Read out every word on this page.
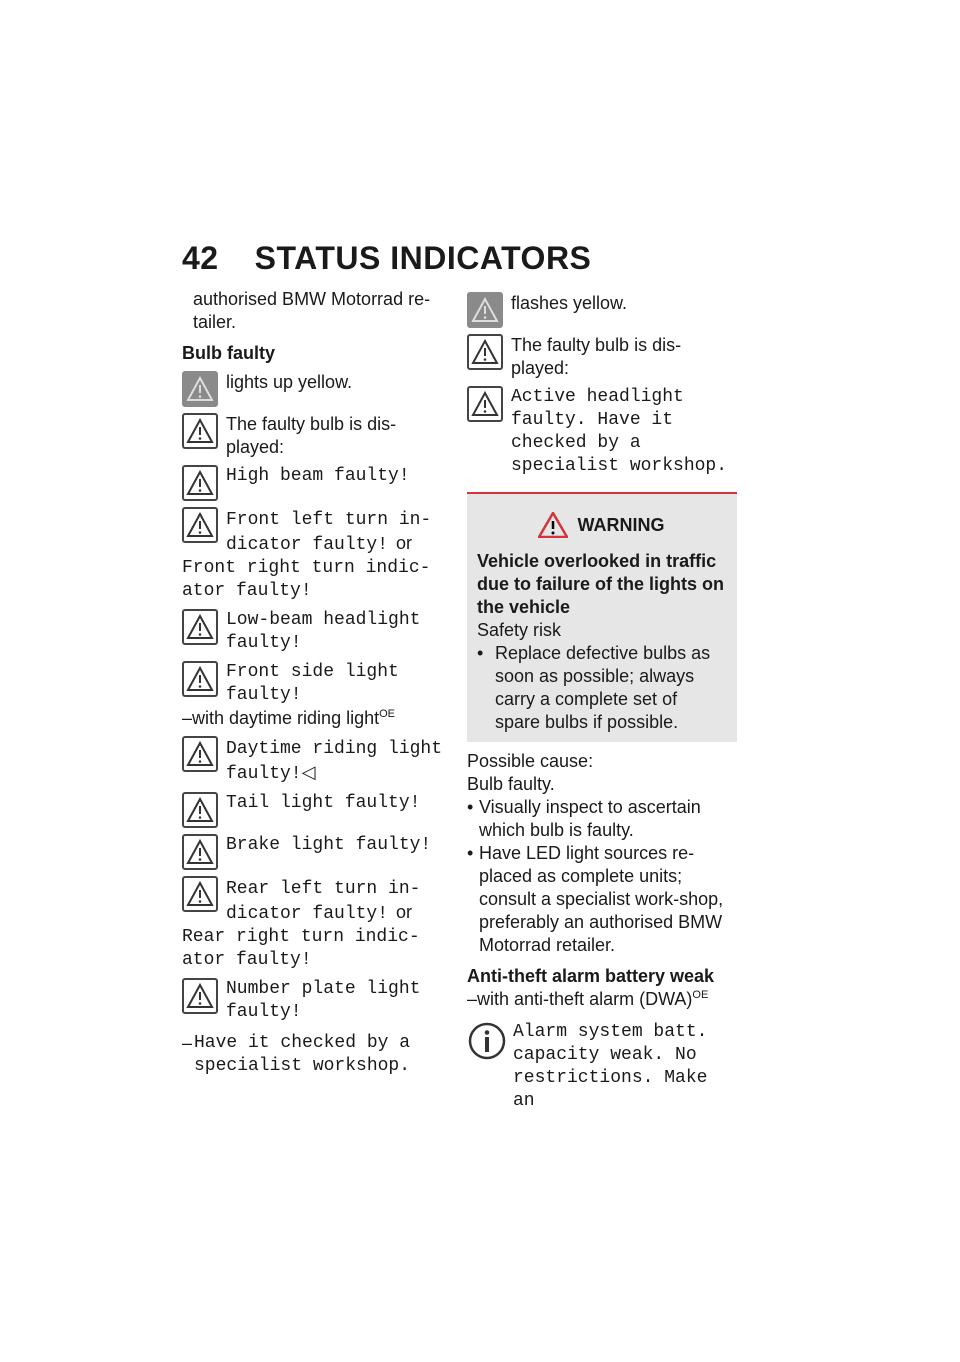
42 STATUS INDICATORS

authorised BMW Motorrad re-tailer.

Bulb faulty

lights up yellow.
The faulty bulb is dis-played:
High beam faulty!
Front left turn in-dicator faulty! or
Front right turn indic-ator faulty!
Low-beam headlight faulty!
Front side light faulty!

–with daytime riding light$^{OE}$

Daytime riding light faulty!◁
Tail light faulty!
Brake light faulty!
Rear left turn in-dicator faulty! or
Rear right turn indic-ator faulty!
Number plate light faulty!
– Have it checked by a specialist workshop.
flashes yellow.
The faulty bulb is dis-played:
Active headlight faulty. Have it checked by a specialist workshop.
WARNING

Vehicle overlooked in traffic due to failure of the lights on the vehicle

Safety risk

• Replace defective bulbs as soon as possible; always carry a complete set of spare bulbs if possible.

Possible cause:

Bulb faulty.

• Visually inspect to ascertain which bulb is faulty.
• Have LED light sources re-placed as complete units; consult a specialist work-shop, preferably an authorised BMW Motorrad retailer.

Anti-theft alarm battery weak

–with anti-theft alarm (DWA)$^{OE}$

Alarm system batt. capacity weak. No restrictions. Make an
